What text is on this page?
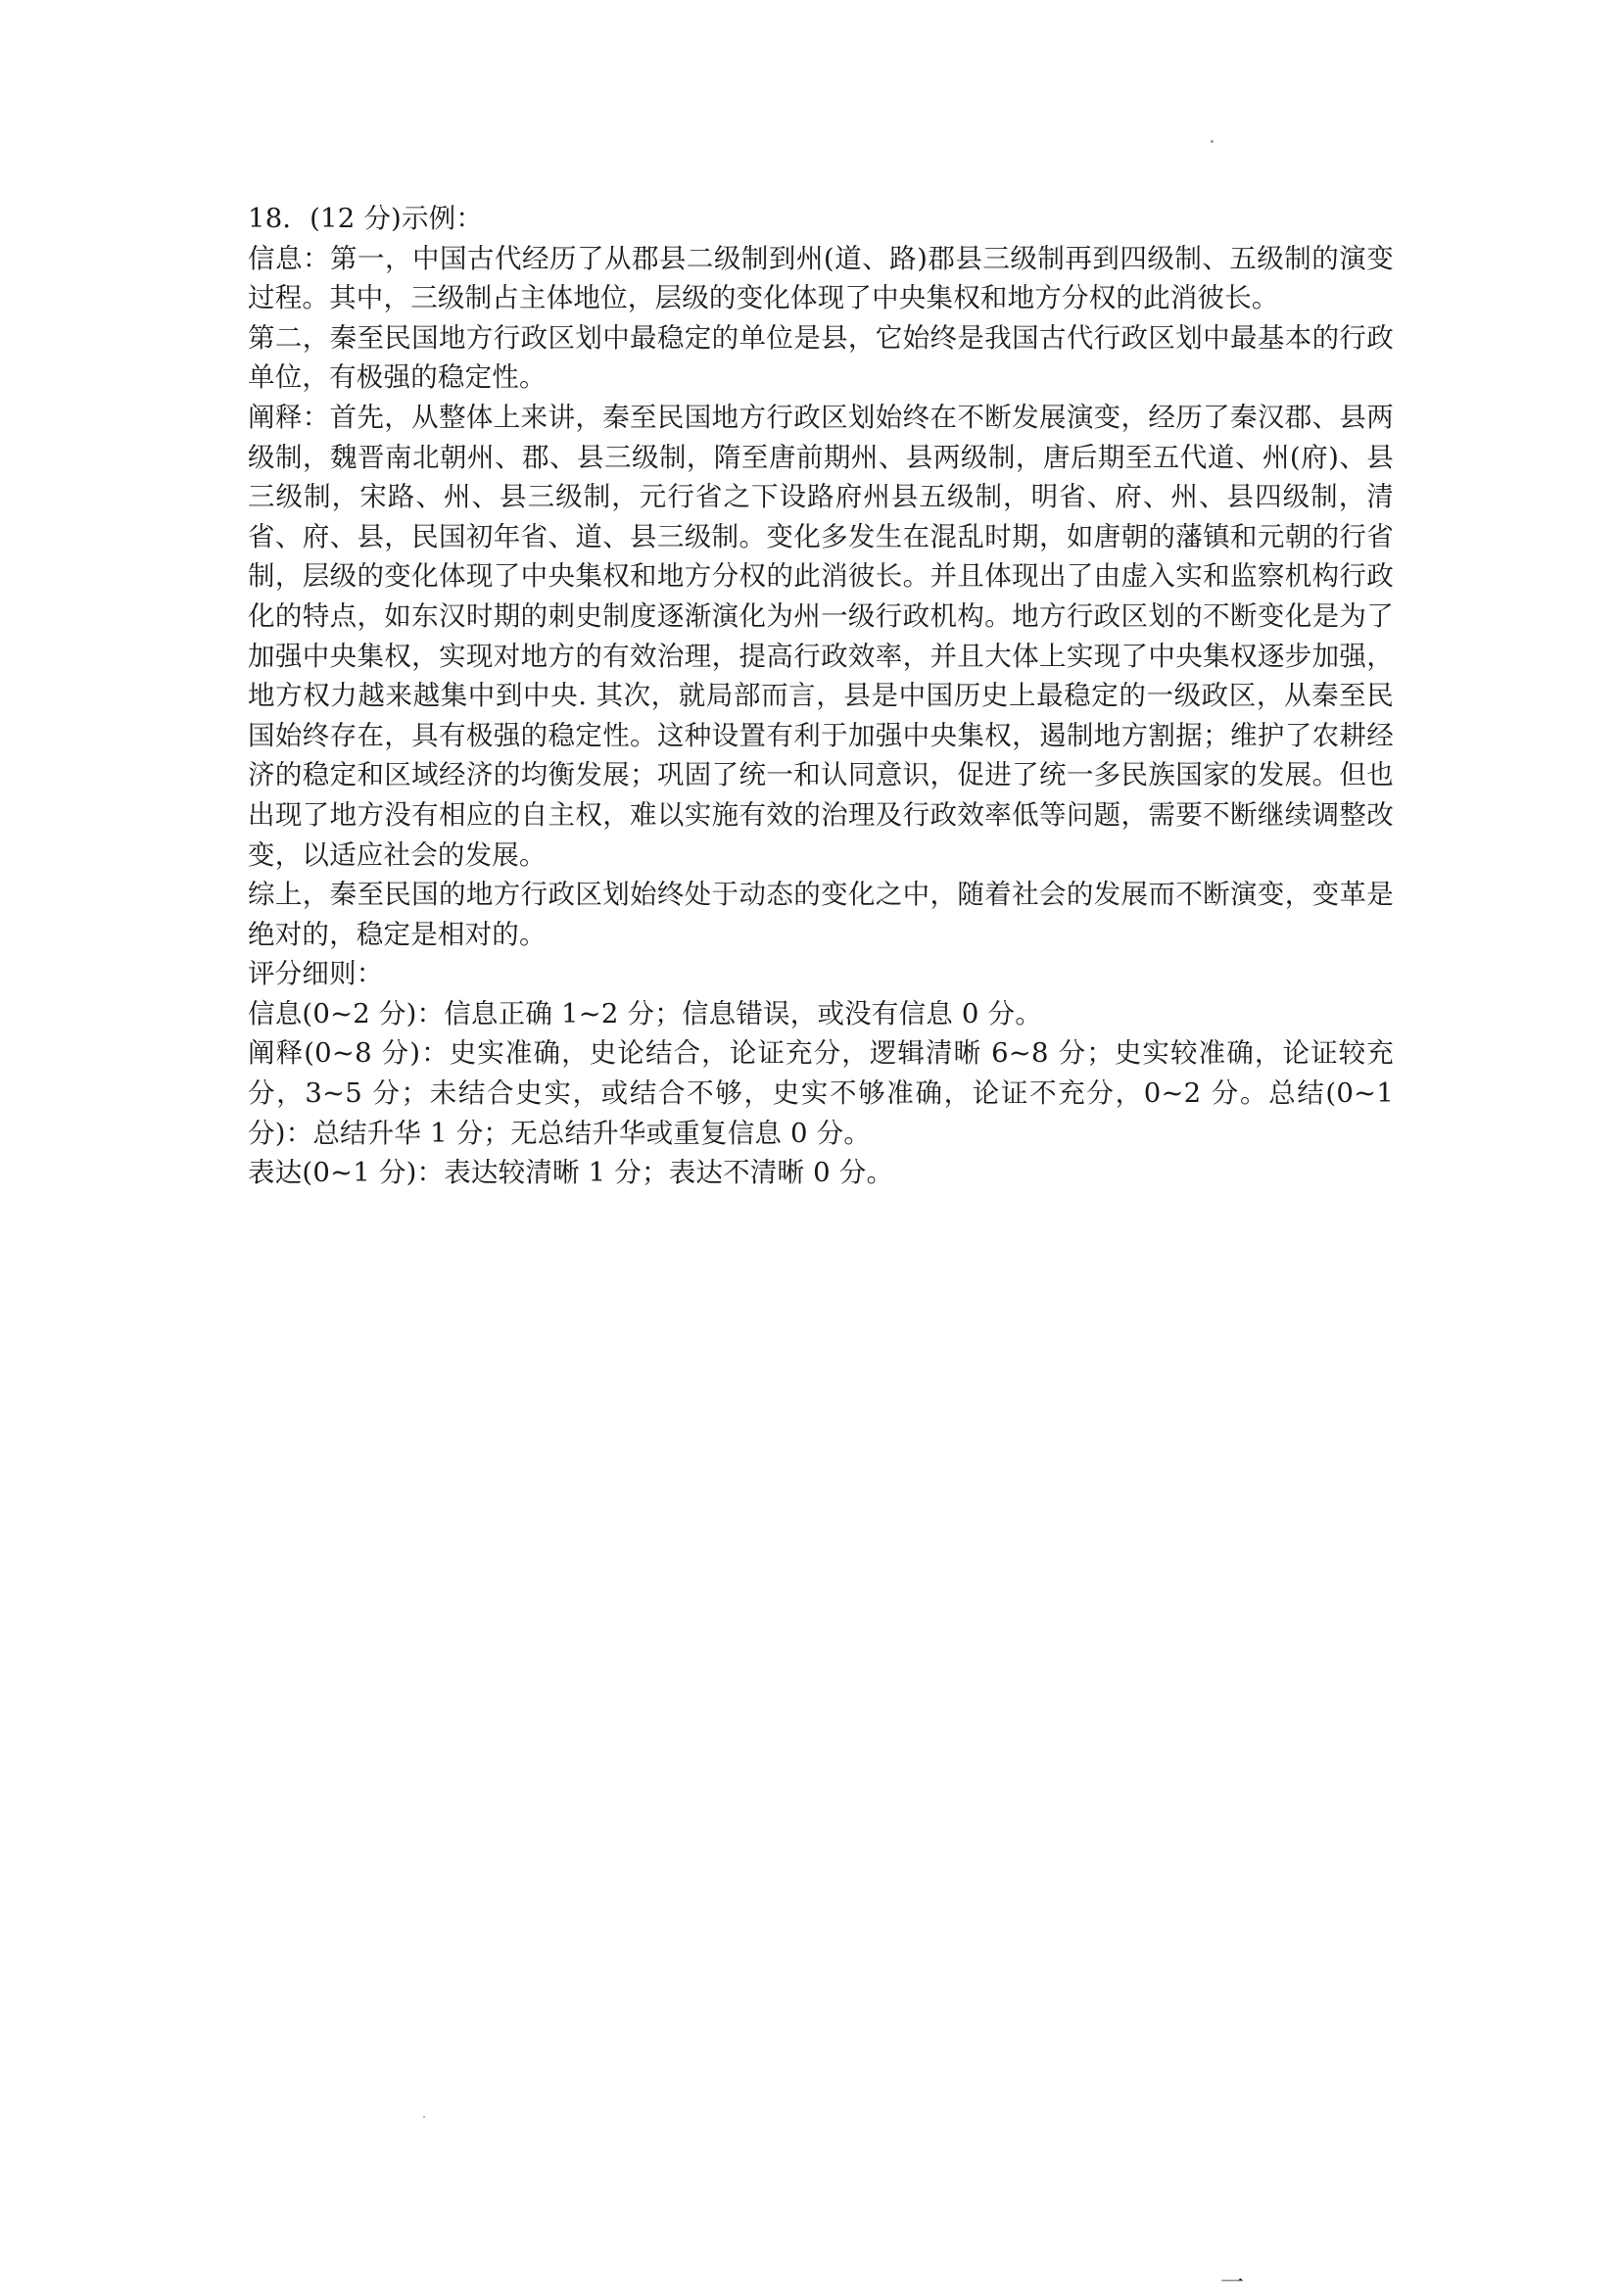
18．(12 分)示例：

信息：第一，中国古代经历了从郡县二级制到州(道、路)郡县三级制再到四级制、五级制的演变过程。其中，三级制占主体地位，层级的变化体现了中央集权和地方分权的此消彼长。

第二，秦至民国地方行政区划中最稳定的单位是县，它始终是我国古代行政区划中最基本的行政单位，有极强的稳定性。

阐释：首先，从整体上来讲，秦至民国地方行政区划始终在不断发展演变，经历了秦汉郡、县两级制，魏晋南北朝州、郡、县三级制，隋至唐前期州、县两级制，唐后期至五代道、州(府)、县三级制，宋路、州、县三级制，元行省之下设路府州县五级制，明省、府、州、县四级制，清省、府、县，民国初年省、道、县三级制。变化多发生在混乱时期，如唐朝的藩镇和元朝的行省制，层级的变化体现了中央集权和地方分权的此消彼长。并且体现出了由虚入实和监察机构行政化的特点，如东汉时期的刺史制度逐渐演化为州一级行政机构。地方行政区划的不断变化是为了加强中央集权，实现对地方的有效治理，提高行政效率，并且大体上实现了中央集权逐步加强，地方权力越来越集中到中央. 其次，就局部而言，县是中国历史上最稳定的一级政区，从秦至民国始终存在，具有极强的稳定性。这种设置有利于加强中央集权，遏制地方割据；维护了农耕经济的稳定和区域经济的均衡发展；巩固了统一和认同意识，促进了统一多民族国家的发展。但也出现了地方没有相应的自主权，难以实施有效的治理及行政效率低等问题，需要不断继续调整改变，以适应社会的发展。

综上，秦至民国的地方行政区划始终处于动态的变化之中，随着社会的发展而不断演变，变革是绝对的，稳定是相对的。

评分细则：

信息(0~2 分)：信息正确 1~2 分；信息错误，或没有信息 0 分。

阐释(0~8 分)：史实准确，史论结合，论证充分，逻辑清晰 6~8 分；史实较准确，论证较充分，3~5 分；未结合史实，或结合不够，史实不够准确，论证不充分，0~2 分。总结(0~1 分)：总结升华 1 分；无总结升华或重复信息 0 分。

表达(0~1 分)：表达较清晰 1 分；表达不清晰 0 分。

一
